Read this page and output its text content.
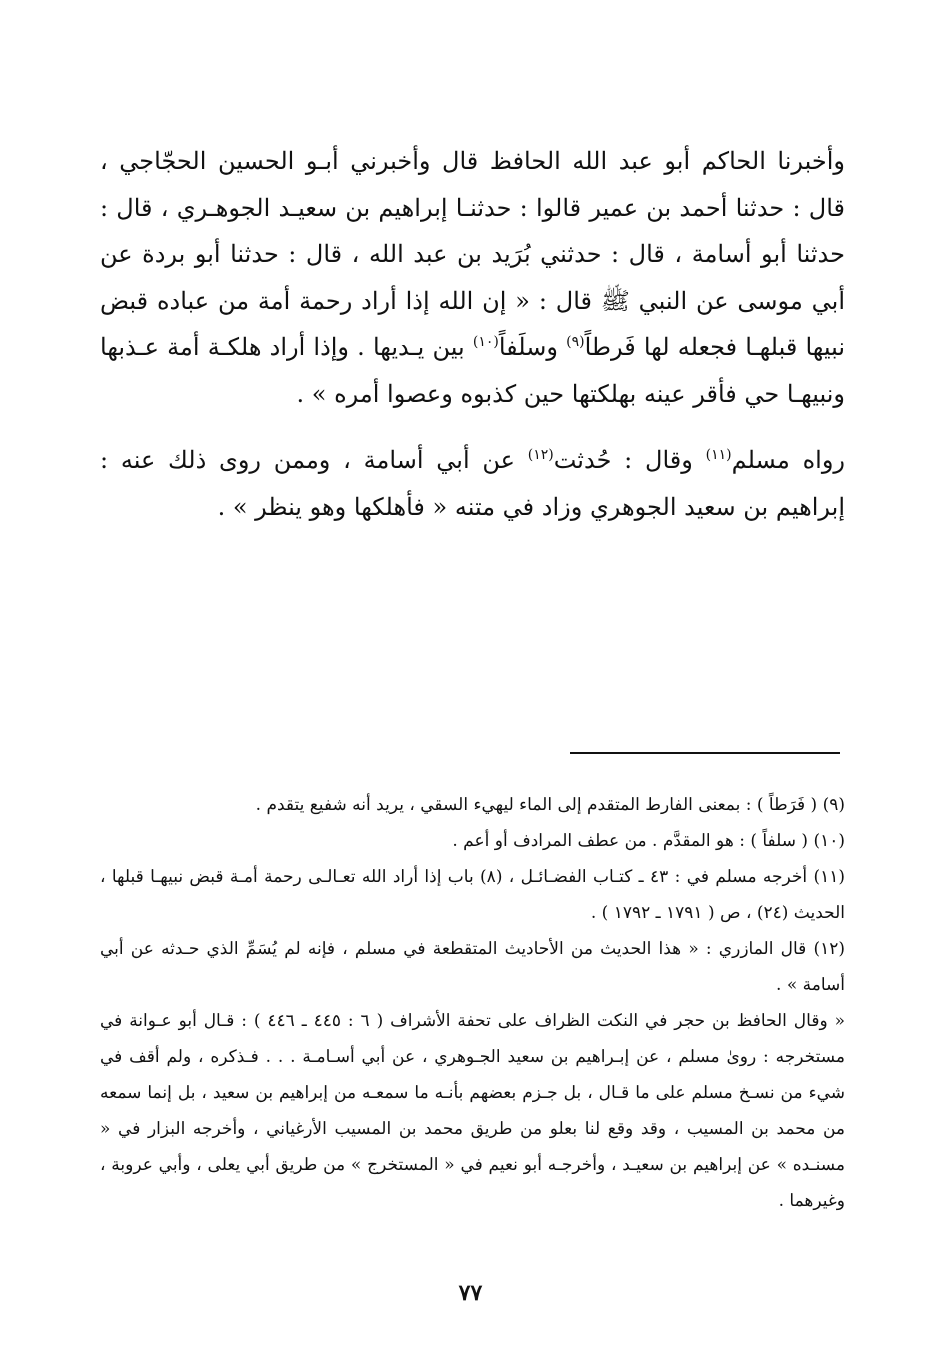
وأخبرنا الحاكم أبو عبد الله الحافظ قال وأخبرني أبـو الحسين الحجّاجي ، قال : حدثنا أحمد بن عمير قالوا : حدثنـا إبراهيم بن سعيـد الجوهـري ، قال : حدثنا أبو أسامة ، قال : حدثني بُرَيد بن عبد الله ، قال : حدثنا أبو بردة عن أبي موسى عن النبي ﷺ قال : « إن الله إذا أراد رحمة أمة من عباده قبض نبيها قبلهـا فجعله لها فَرطاً$^{(٩)}$ وسلَفاً$^{(١٠)}$ بين يـديها . وإذا أراد هلكـة أمة عـذبها ونبيهـا حي فأقر عينه بهلكتها حين كذبوه وعصوا أمره » .

رواه مسلم$^{(١١)}$ وقال : حُدثت$^{(١٢)}$ عن أبي أسامة ، وممن روى ذلك عنه : إبراهيم بن سعيد الجوهري وزاد في متنه « فأهلكها وهو ينظر » .

(٩) ( فَرَطاً ) : بمعنى الفارط المتقدم إلى الماء ليهيء السقي ، يريد أنه شفيع يتقدم .

(١٠) ( سلفاً ) : هو المقدَّم . من عطف المرادف أو أعم .

(١١) أخرجه مسلم في : ٤٣ ـ كتـاب الفضـائـل ، (٨) باب إذا أراد الله تعـالـى رحمة أمـة قبض نبيهـا قبلها ، الحديث (٢٤) ، ص ( ١٧٩١ ـ ١٧٩٢ ) .

(١٢) قال المازري : « هذا الحديث من الأحاديث المتقطعة في مسلم ، فإنه لم يُسَمِّ الذي حـدثه عن أبي أسامة » .

« وقال الحافظ بن حجر في النكت الظراف على تحفة الأشراف ( ٦ : ٤٤٥ ـ ٤٤٦ ) : قـال أبو عـوانة في مستخرجه : روىٰ مسلم ، عن إبـراهيم بن سعيد الجـوهري ، عن أبي أسـامـة . . . فـذكره ، ولم أقف في شيء من نسـخ مسلم على ما قـال ، بل جـزم بعضهم بأنـه ما سمعـه من إبراهيم بن سعيد ، بل إنما سمعه من محمد بن المسيب ، وقد وقع لنا بعلو من طريق محمد بن المسيب الأرغياني ، وأخرجه البزار في « مسنـده » عن إبراهيم بن سعيـد ، وأخرجـه أبو نعيم في « المستخرج » من طريق أبي يعلى ، وأبي عروبة ، وغيرهما .

٧٧
